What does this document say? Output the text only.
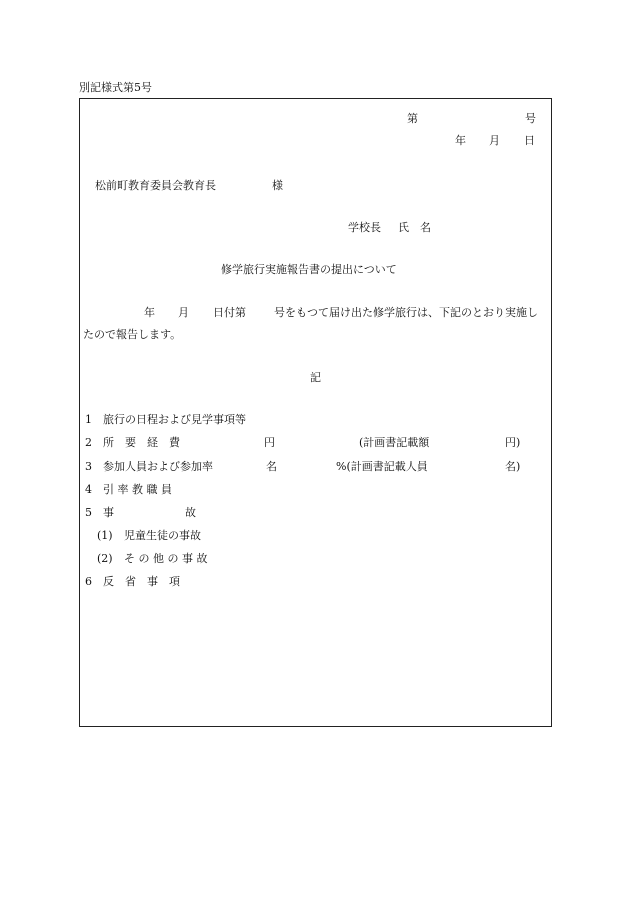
別記様式第5号
第	号
年 月 日
松前町教育委員会教育長	様
学校長 氏　名
修学旅行実施報告書の提出について
年 月 日付第	号をもつて届け出た修学旅行は、下記のとおり実施し
たので報告します。
記
1 旅行の日程および見学事項等
2 所　要　経　費	円	(計画書記載額	円)
3 参加人員および参加率	名	%(計画書記載人員	名)
4 引 率 教 職 員
5 事	故
(1) 児童生徒の事故
(2) そ の 他 の 事 故
6 反　省　事　項
